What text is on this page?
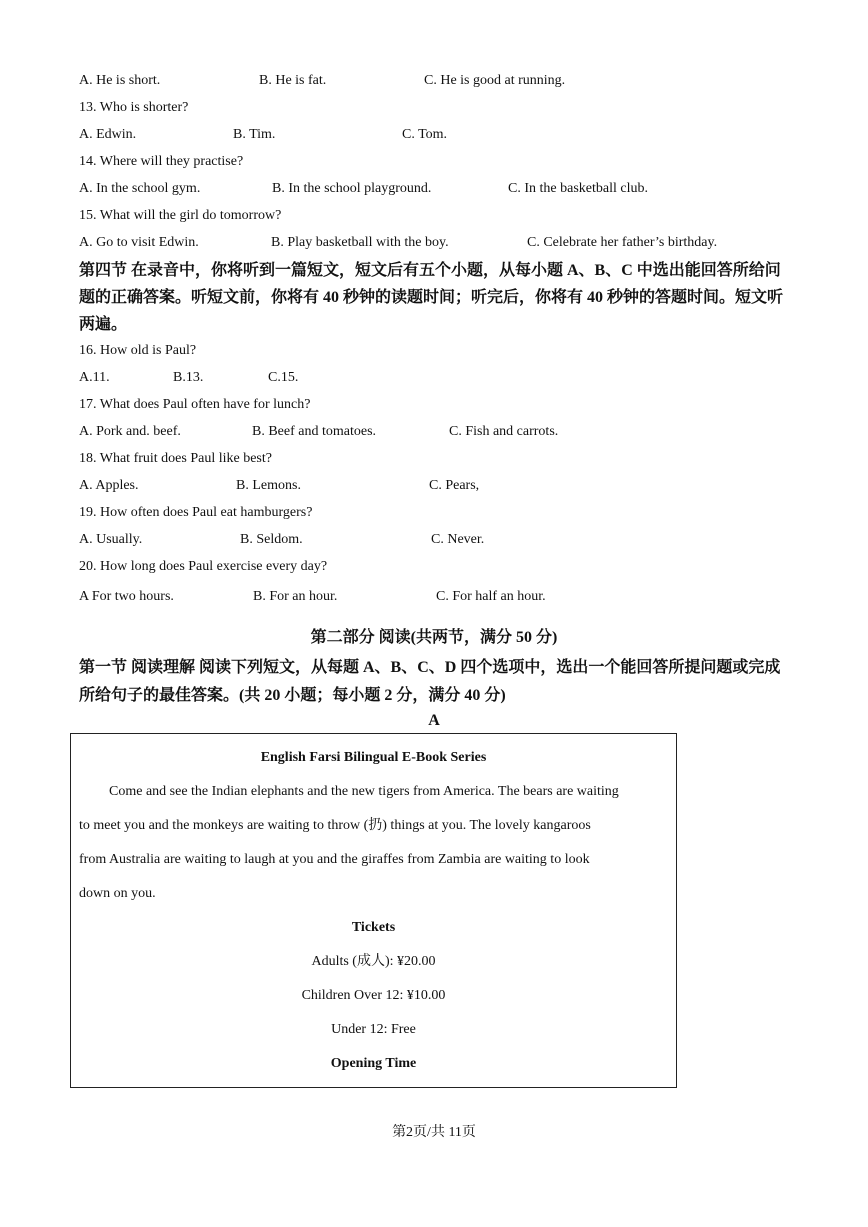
A. He is short.	B. He is fat.	C. He is good at running.
13. Who is shorter?
A. Edwin.	B. Tim.	C. Tom.
14. Where will they practise?
A. In the school gym.	B. In the school playground.	C. In the basketball club.
15. What will the girl do tomorrow?
A. Go to visit Edwin.	B. Play basketball with the boy.	C. Celebrate her father’s birthday.
第四节 在录音中，你将听到一篇短文，短文后有五个小题，从每小题 A、B、C 中选出能回答所给问题的正确答案。听短文前，你将有 40 秒钟的读题时间；听完后，你将有 40 秒钟的答题时间。短文听两遍。
16. How old is Paul?
A.11.	B.13.	C.15.
17. What does Paul often have for lunch?
A. Pork and. beef.	B. Beef and tomatoes.	C. Fish and carrots.
18. What fruit does Paul like best?
A. Apples.	B. Lemons.	C. Pears,
19. How often does Paul eat hamburgers?
A. Usually.	B. Seldom.	C. Never.
20. How long does Paul exercise every day?
A For two hours.	B. For an hour.	C. For half an hour.
第二部分 阅读(共两节，满分 50 分)
第一节 阅读理解 阅读下列短文，从每题 A、B、C、D 四个选项中，选出一个能回答所提问题或完成所给句子的最佳答案。(共 20 小题；每小题 2 分，满分 40 分)
A
English Farsi Bilingual E-Book Series
Come and see the Indian elephants and the new tigers from America. The bears are waiting
to meet you and the monkeys are waiting to throw (扔) things at you. The lovely kangaroos
from Australia are waiting to laugh at you and the giraffes from Zambia are waiting to look
down on you.
Tickets
Adults (成人): ¥20.00
Children Over 12: ¥10.00
Under 12: Free
Opening Time
第2页/共 11页
